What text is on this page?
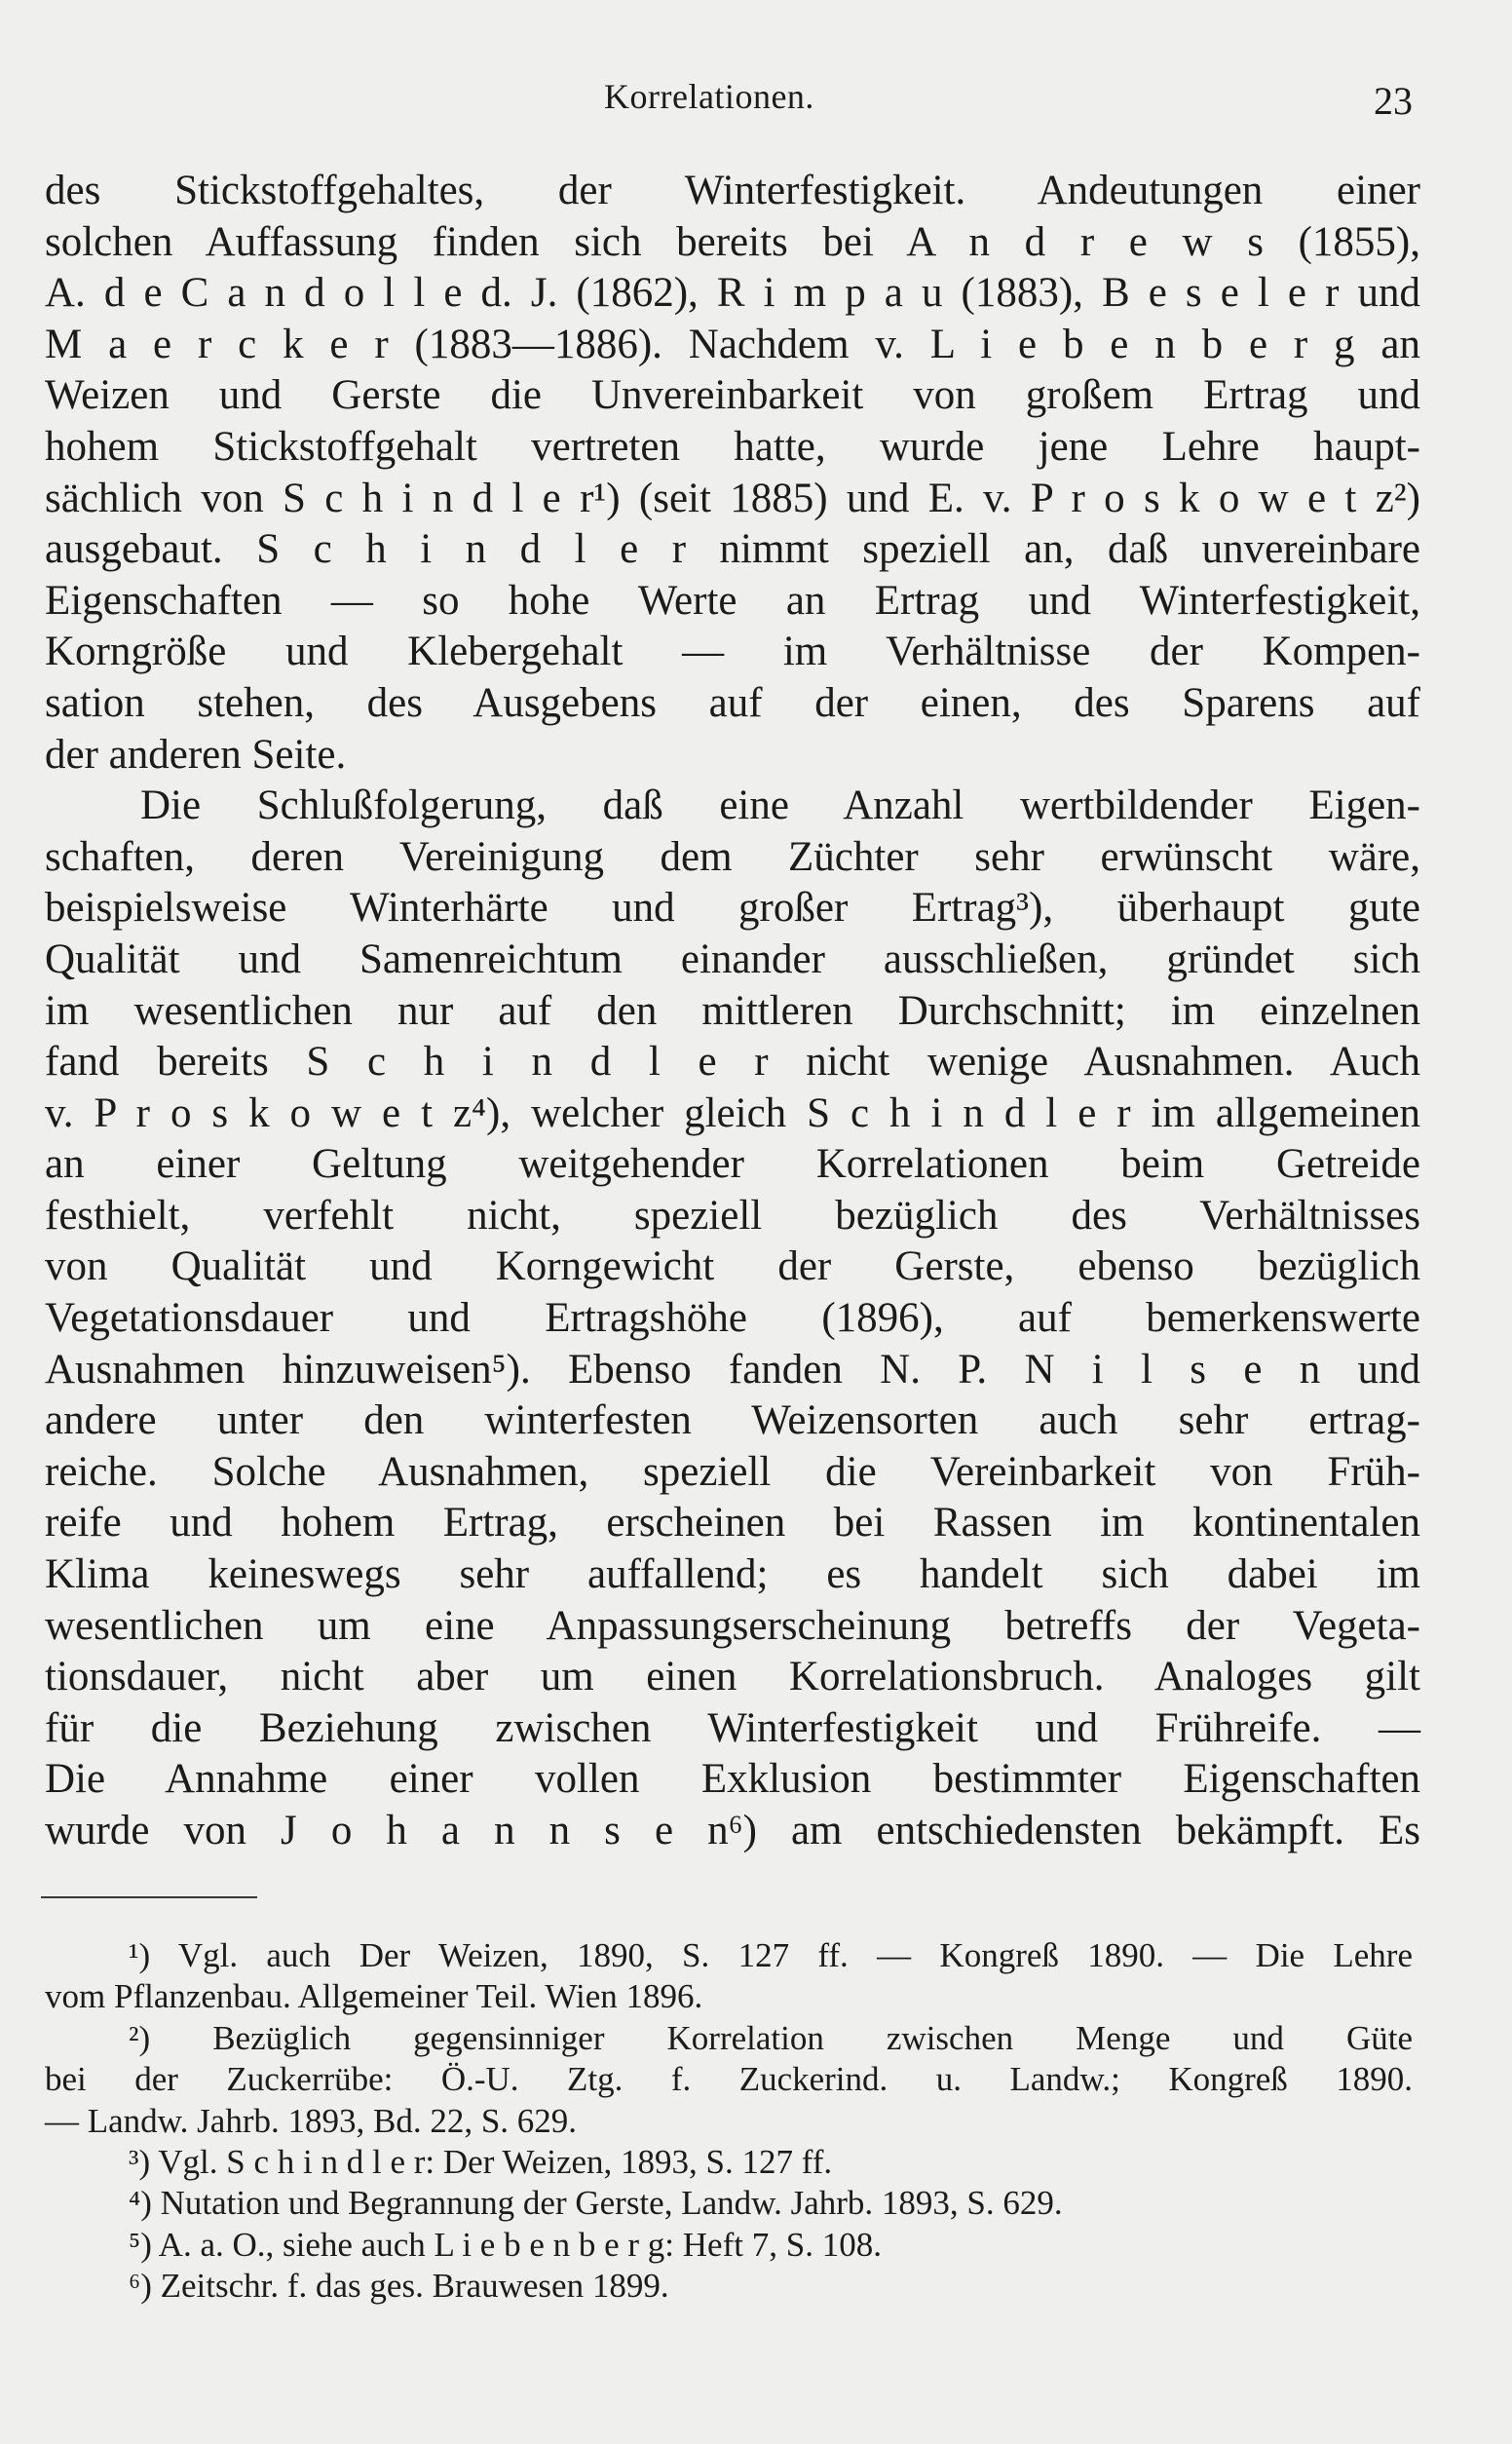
Korrelationen.	23
des Stickstoffgehaltes, der Winterfestigkeit. Andeutungen einer
solchen Auffassung finden sich bereits bei A n d r e w s (1855),
A. d e C a n d o l l e d. J. (1862), R i m p a u (1883), B e s e l e r und
M a e r c k e r (1883—1886). Nachdem v. L i e b e n b e r g an
Weizen und Gerste die Unvereinbarkeit von großem Ertrag und
hohem Stickstoffgehalt vertreten hatte, wurde jene Lehre haupt-
sächlich von S c h i n d l e r¹) (seit 1885) und E. v. P r o s k o w e t z²)
ausgebaut. S c h i n d l e r nimmt speziell an, daß unvereinbare
Eigenschaften — so hohe Werte an Ertrag und Winterfestigkeit,
Korngröße und Klebergehalt — im Verhältnisse der Kompen-
sation stehen, des Ausgebens auf der einen, des Sparens auf
der anderen Seite.
Die Schlußfolgerung, daß eine Anzahl wertbildender Eigen-
schaften, deren Vereinigung dem Züchter sehr erwünscht wäre,
beispielsweise Winterhärte und großer Ertrag³), überhaupt gute
Qualität und Samenreichtum einander ausschließen, gründet sich
im wesentlichen nur auf den mittleren Durchschnitt; im einzelnen
fand bereits S c h i n d l e r nicht wenige Ausnahmen. Auch
v. P r o s k o w e t z⁴), welcher gleich S c h i n d l e r im allgemeinen
an einer Geltung weitgehender Korrelationen beim Getreide
festhielt, verfehlt nicht, speziell bezüglich des Verhältnisses
von Qualität und Korngewicht der Gerste, ebenso bezüglich
Vegetationsdauer und Ertragshöhe (1896), auf bemerkenswerte
Ausnahmen hinzuweisen⁵). Ebenso fanden N. P. N i l s e n und
andere unter den winterfesten Weizensorten auch sehr ertrag-
reiche. Solche Ausnahmen, speziell die Vereinbarkeit von Früh-
reife und hohem Ertrag, erscheinen bei Rassen im kontinentalen
Klima keineswegs sehr auffallend; es handelt sich dabei im
wesentlichen um eine Anpassungserscheinung betreffs der Vegeta-
tionsdauer, nicht aber um einen Korrelationsbruch. Analoges gilt
für die Beziehung zwischen Winterfestigkeit und Frühreife. —
Die Annahme einer vollen Exklusion bestimmter Eigenschaften
wurde von J o h a n n s e n⁶) am entschiedensten bekämpft. Es
¹) Vgl. auch Der Weizen, 1890, S. 127 ff. — Kongreß 1890. — Die Lehre
vom Pflanzenbau. Allgemeiner Teil. Wien 1896.
²) Bezüglich gegensinniger Korrelation zwischen Menge und Güte
bei der Zuckerrübe: Ö.-U. Ztg. f. Zuckerind. u. Landw.; Kongreß 1890.
— Landw. Jahrb. 1893, Bd. 22, S. 629.
³) Vgl. S c h i n d l e r: Der Weizen, 1893, S. 127 ff.
⁴) Nutation und Begrannung der Gerste, Landw. Jahrb. 1893, S. 629.
⁵) A. a. O., siehe auch L i e b e n b e r g: Heft 7, S. 108.
⁶) Zeitschr. f. das ges. Brauwesen 1899.
